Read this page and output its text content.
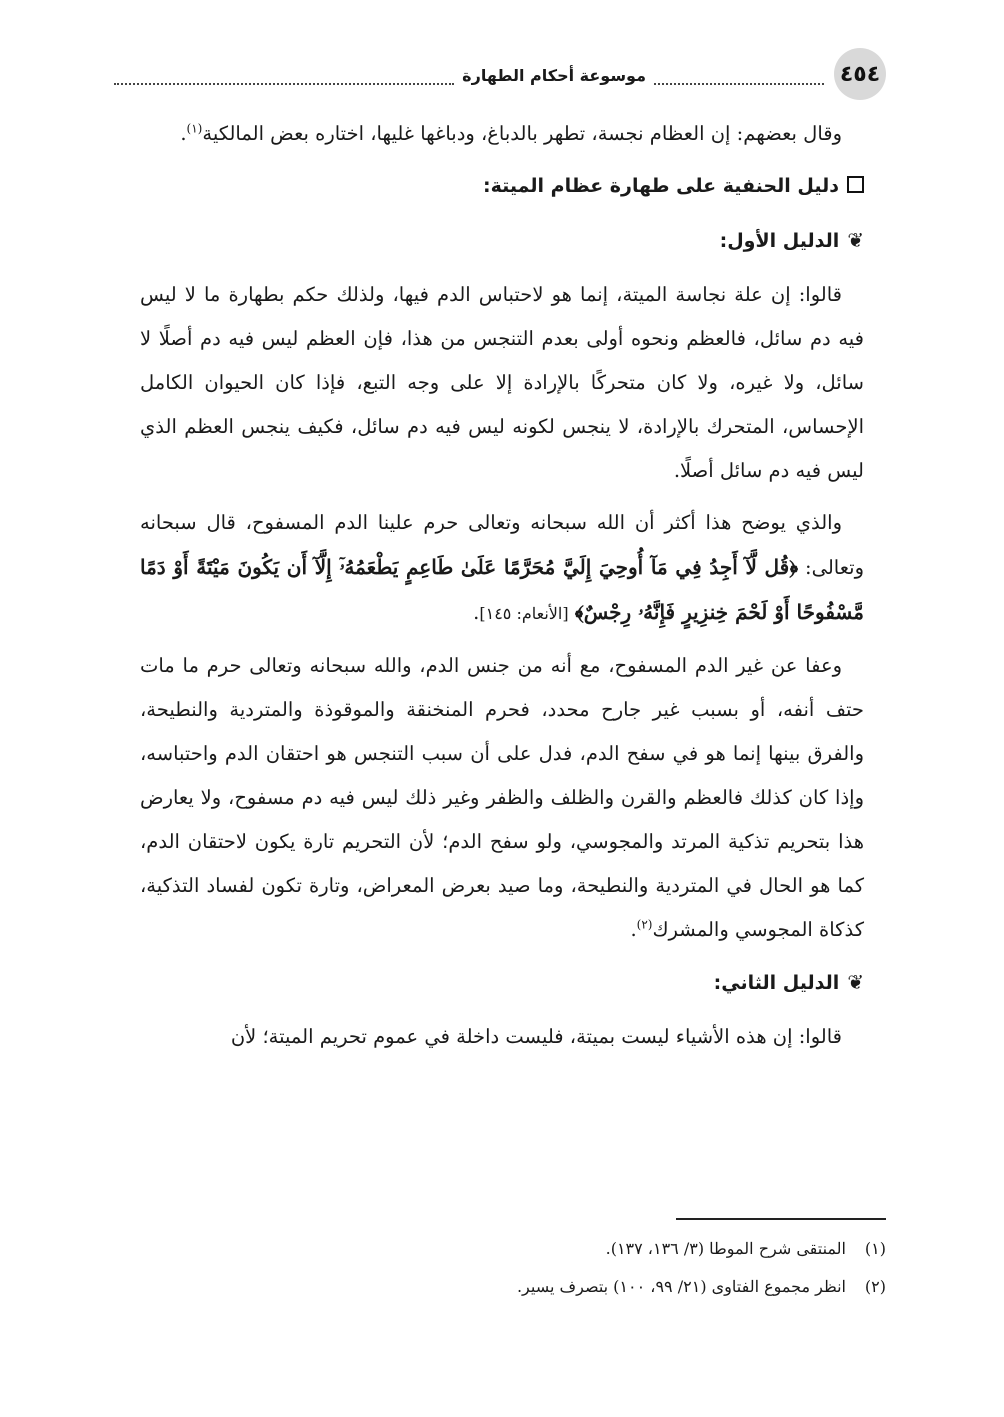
٤٥٤
موسوعة أحكام الطهارة

وقال بعضهم: إن العظام نجسة، تطهر بالدباغ، ودباغها غليها، اختاره بعض المالكية$^{(١)}$.

دليل الحنفية على طهارة عظام الميتة:
❦الدليل الأول:

قالوا: إن علة نجاسة الميتة، إنما هو لاحتباس الدم فيها، ولذلك حكم بطهارة ما لا ليس فيه دم سائل، فالعظم ونحوه أولى بعدم التنجس من هذا، فإن العظم ليس فيه دم أصلًا لا سائل، ولا غيره، ولا كان متحركًا بالإرادة إلا على وجه التبع، فإذا كان الحيوان الكامل الإحساس، المتحرك بالإرادة، لا ينجس لكونه ليس فيه دم سائل، فكيف ينجس العظم الذي ليس فيه دم سائل أصلًا.

والذي يوضح هذا أكثر أن الله سبحانه وتعالى حرم علينا الدم المسفوح، قال سبحانه وتعالى: ﴿قُل لَّآ أَجِدُ فِي مَآ أُوحِيَ إِلَيَّ مُحَرَّمًا عَلَىٰ طَاعِمٍ يَطْعَمُهُۥٓ إِلَّآ أَن يَكُونَ مَيْتَةً أَوْ دَمًا مَّسْفُوحًا أَوْ لَحْمَ خِنزِيرٍ فَإِنَّهُۥ رِجْسٌ﴾ [الأنعام: ١٤٥].

وعفا عن غير الدم المسفوح، مع أنه من جنس الدم، والله سبحانه وتعالى حرم ما مات حتف أنفه، أو بسبب غير جارح محدد، فحرم المنخنقة والموقوذة والمتردية والنطيحة، والفرق بينها إنما هو في سفح الدم، فدل على أن سبب التنجس هو احتقان الدم واحتباسه، وإذا كان كذلك فالعظم والقرن والظلف والظفر وغير ذلك ليس فيه دم مسفوح، ولا يعارض هذا بتحريم تذكية المرتد والمجوسي، ولو سفح الدم؛ لأن التحريم تارة يكون لاحتقان الدم، كما هو الحال في المتردية والنطيحة، وما صيد بعرض المعراض، وتارة تكون لفساد التذكية، كذكاة المجوسي والمشرك$^{(٢)}$.

❦الدليل الثاني:

قالوا: إن هذه الأشياء ليست بميتة، فليست داخلة في عموم تحريم الميتة؛ لأن

(١)المنتقى شرح الموطا (٣/ ١٣٦، ١٣٧).

(٢)انظر مجموع الفتاوى (٢١/ ٩٩، ١٠٠) بتصرف يسير.
